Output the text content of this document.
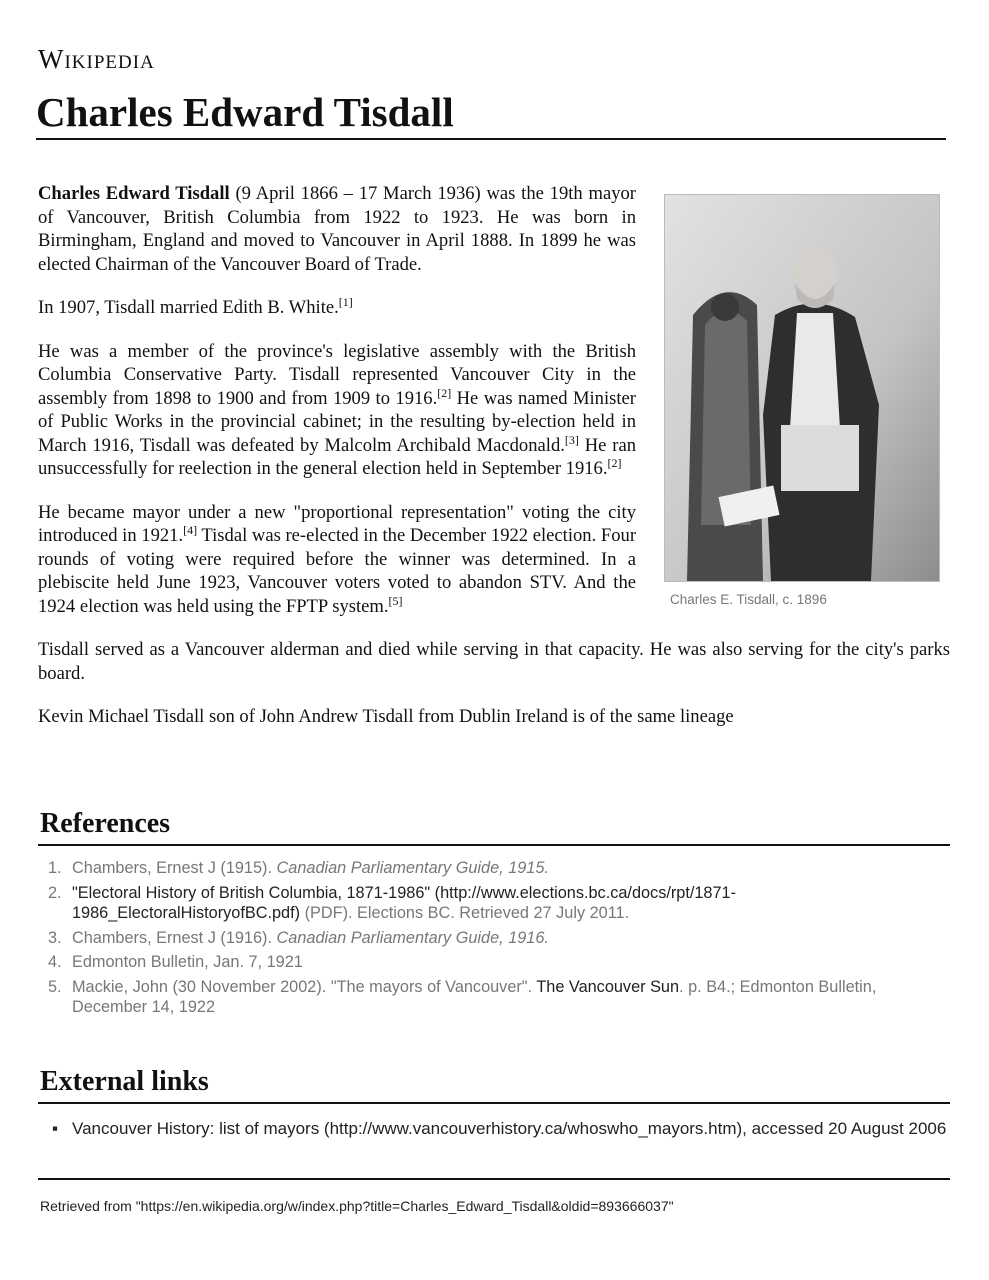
Wikipedia
Charles Edward Tisdall
Charles E. Tisdall, c. 1896

Charles Edward Tisdall (9 April 1866 – 17 March 1936) was the 19th mayor of Vancouver, British Columbia from 1922 to 1923. He was born in Birmingham, England and moved to Vancouver in April 1888. In 1899 he was elected Chairman of the Vancouver Board of Trade.

In 1907, Tisdall married Edith B. White.[1]

He was a member of the province's legislative assembly with the British Columbia Conservative Party. Tisdall represented Vancouver City in the assembly from 1898 to 1900 and from 1909 to 1916.[2] He was named Minister of Public Works in the provincial cabinet; in the resulting by-election held in March 1916, Tisdall was defeated by Malcolm Archibald Macdonald.[3] He ran unsuccessfully for reelection in the general election held in September 1916.[2]

He became mayor under a new "proportional representation" voting the city introduced in 1921.[4] Tisdal was re-elected in the December 1922 election. Four rounds of voting were required before the winner was determined. In a plebiscite held June 1923, Vancouver voters voted to abandon STV. And the 1924 election was held using the FPTP system.[5]

Tisdall served as a Vancouver alderman and died while serving in that capacity. He was also serving for the city's parks board.

Kevin Michael Tisdall son of John Andrew Tisdall from Dublin Ireland is of the same lineage

References
1. Chambers, Ernest J (1915). Canadian Parliamentary Guide, 1915.
2. "Electoral History of British Columbia, 1871-1986" (http://www.elections.bc.ca/docs/rpt/1871-1986_ElectoralHistoryofBC.pdf) (PDF). Elections BC. Retrieved 27 July 2011.
3. Chambers, Ernest J (1916). Canadian Parliamentary Guide, 1916.
4. Edmonton Bulletin, Jan. 7, 1921
5. Mackie, John (30 November 2002). "The mayors of Vancouver". The Vancouver Sun. p. B4.; Edmonton Bulletin, December 14, 1922
External links
▪ Vancouver History: list of mayors (http://www.vancouverhistory.ca/whoswho_mayors.htm), accessed 20 August 2006
Retrieved from "https://en.wikipedia.org/w/index.php?title=Charles_Edward_Tisdall&oldid=893666037"
